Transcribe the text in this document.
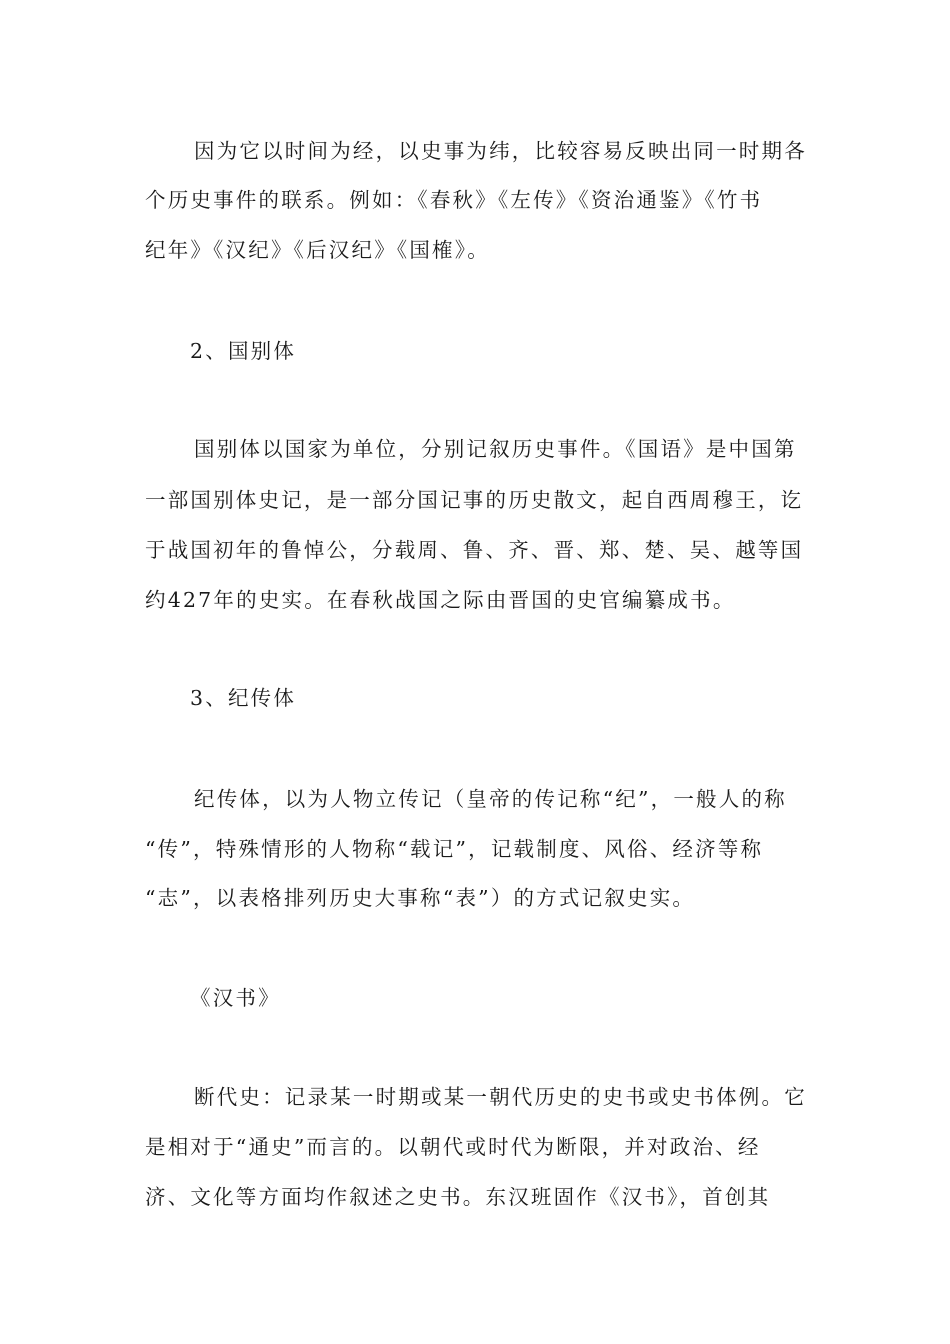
因为它以时间为经，以史事为纬，比较容易反映出同一时期各
个历史事件的联系。例如：《春秋》《左传》《资治通鉴》《竹书
纪年》《汉纪》《后汉纪》《国榷》。
2、国别体
国别体以国家为单位，分别记叙历史事件。《国语》是中国第
一部国别体史记，是一部分国记事的历史散文，起自西周穆王，讫
于战国初年的鲁悼公，分载周、鲁、齐、晋、郑、楚、吴、越等国
约427年的史实。在春秋战国之际由晋国的史官编纂成书。
3、纪传体
纪传体，以为人物立传记（皇帝的传记称“纪”，一般人的称
“传”，特殊情形的人物称“载记”，记载制度、风俗、经济等称
“志”，以表格排列历史大事称“表”）的方式记叙史实。
《汉书》
断代史：记录某一时期或某一朝代历史的史书或史书体例。它
是相对于“通史”而言的。以朝代或时代为断限，并对政治、经
济、文化等方面均作叙述之史书。东汉班固作《汉书》，首创其
